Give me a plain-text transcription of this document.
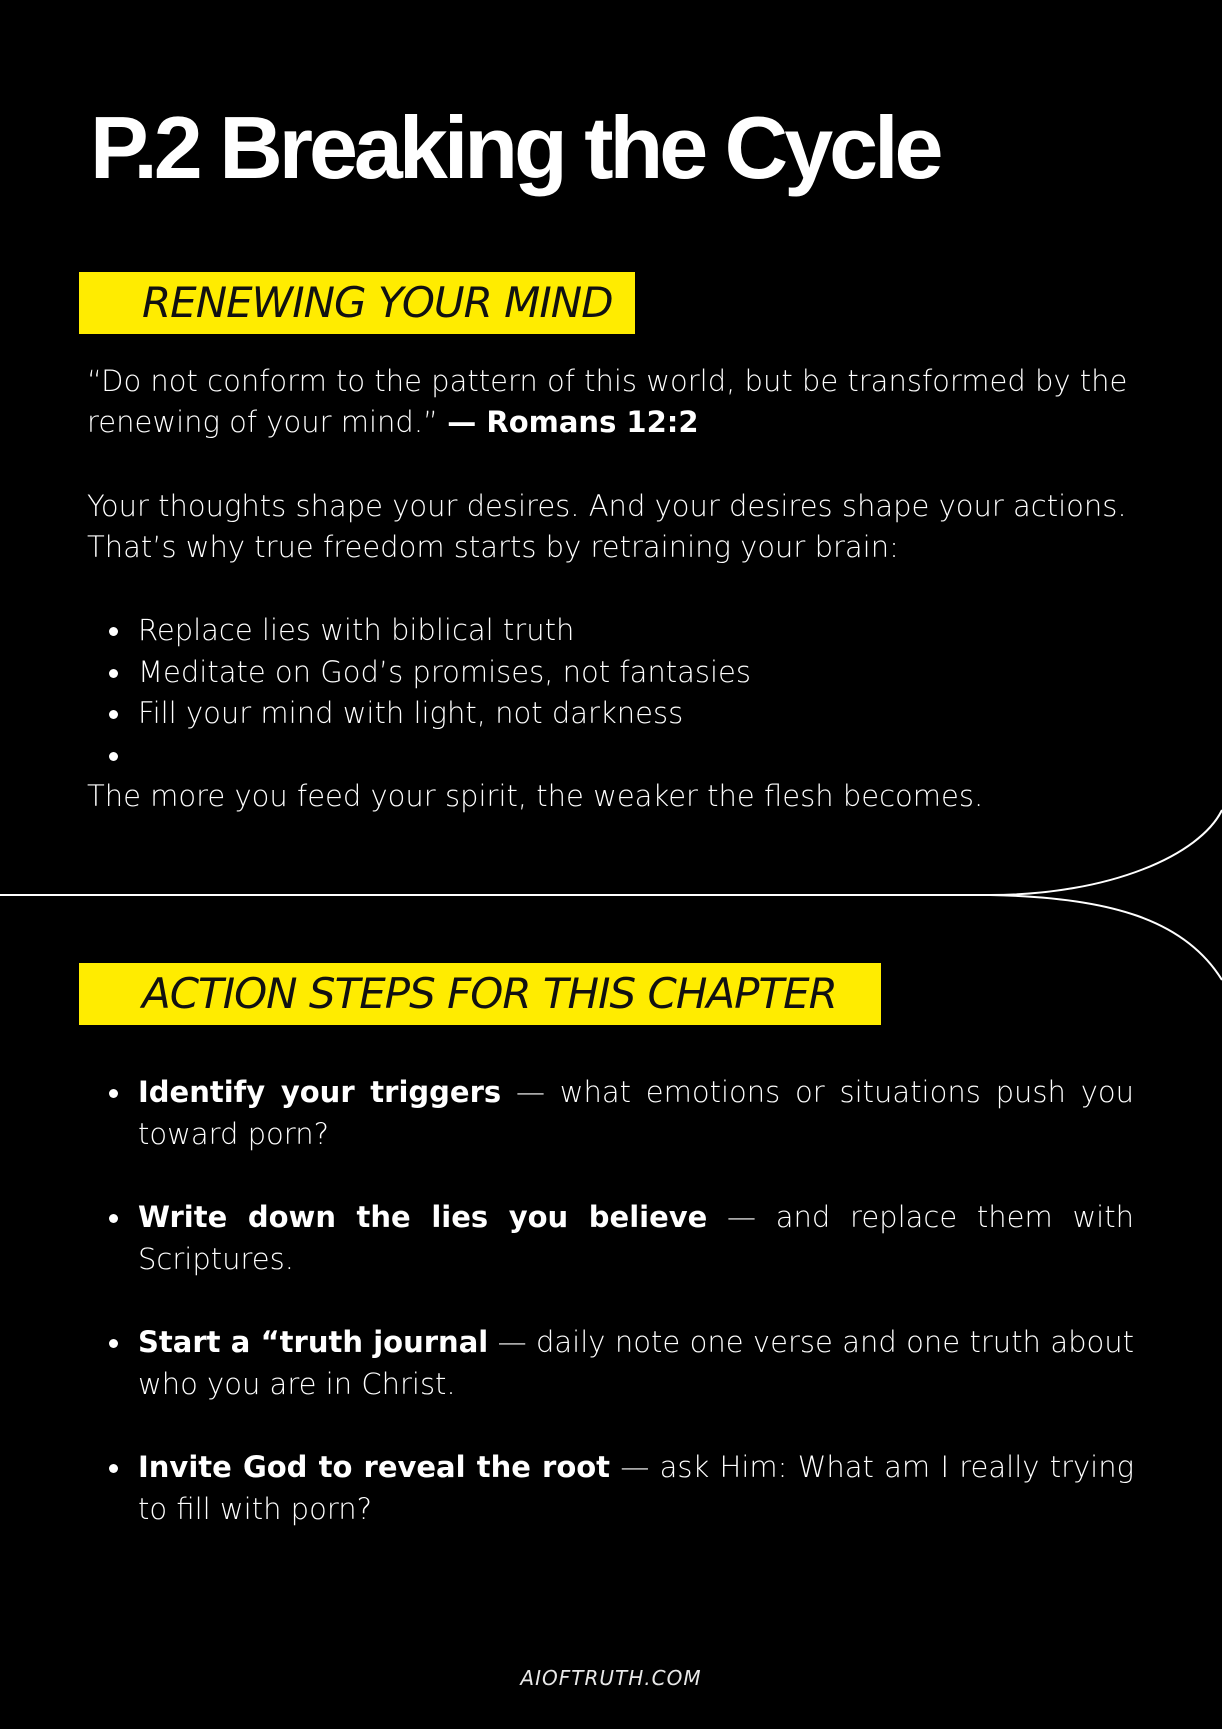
P.2 Breaking the Cycle
RENEWING YOUR MIND

“Do not conform to the pattern of this world, but be transformed by the renewing of your mind.” — Romans 12:2

Your thoughts shape your desires. And your desires shape your actions. That’s why true freedom starts by retraining your brain:

Replace lies with biblical truth
Meditate on God’s promises, not fantasies
Fill your mind with light, not darkness

The more you feed your spirit, the weaker the flesh becomes.

ACTION STEPS FOR THIS CHAPTER
Identify your triggers — what emotions or situations push you toward porn?
Write down the lies you believe — and replace them with Scriptures.
Start a “truth journal — daily note one verse and one truth about who you are in Christ.
Invite God to reveal the root — ask Him: What am I really trying to fill with porn?
AIOFTRUTH.COM
